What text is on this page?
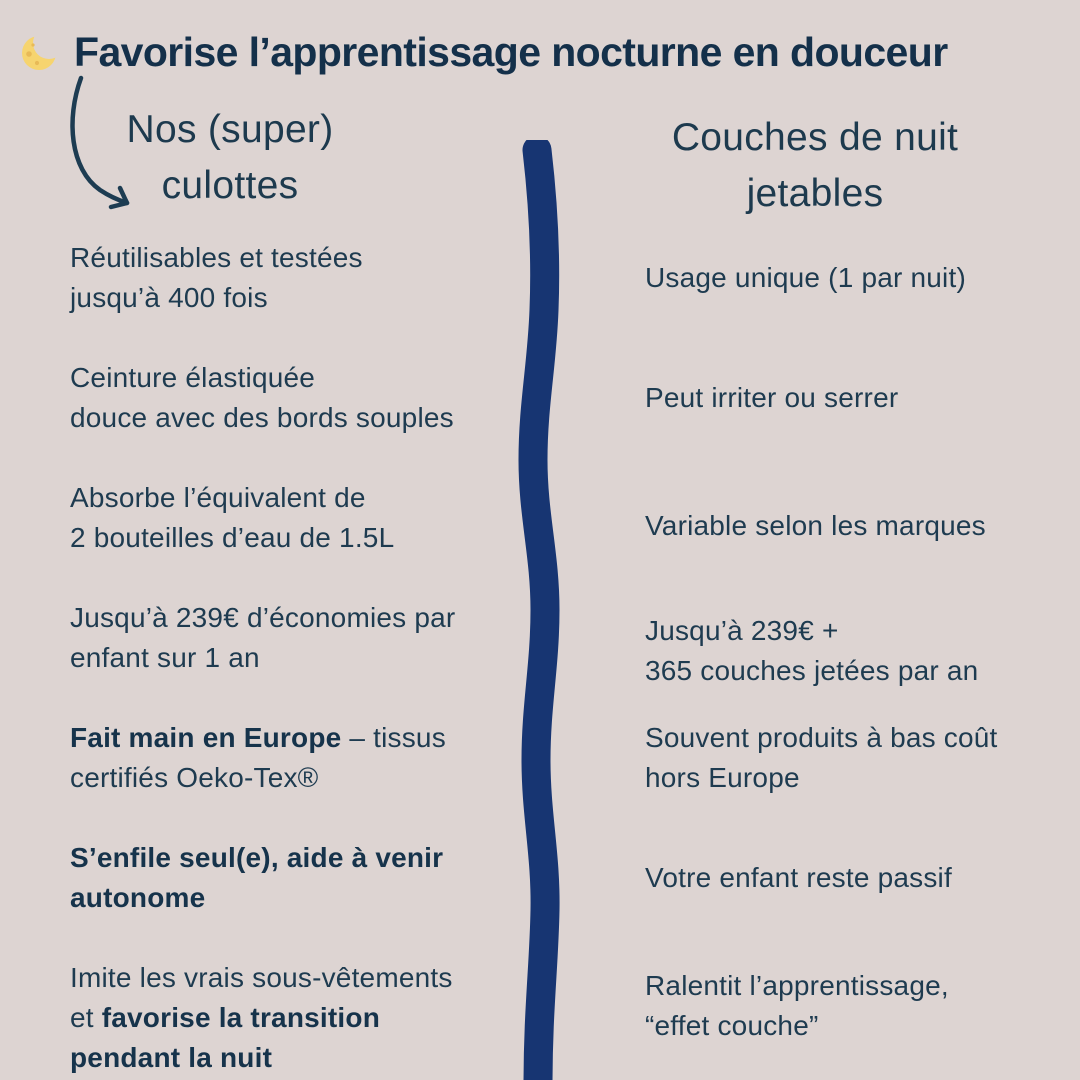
Favorise l’apprentissage nocturne en douceur
Nos (super)
culottes
Couches de nuit
jetables
Réutilisables et testées
jusqu’à 400 fois
Ceinture élastiquée
douce avec des bords souples
Absorbe l’équivalent de
2 bouteilles d’eau de 1.5L
Jusqu’à 239€ d’économies par
enfant sur 1 an
Fait main en Europe – tissus
certifiés Oeko-Tex®
S’enfile seul(e), aide à venir
autonome
Imite les vrais sous-vêtements
et favorise la transition
pendant la nuit
Usage unique (1 par nuit)
Peut irriter ou serrer
Variable selon les marques
Jusqu’à 239€ +
365 couches jetées par an
Souvent produits à bas coût
hors Europe
Votre enfant reste passif
Ralentit l’apprentissage,
“effet couche”
